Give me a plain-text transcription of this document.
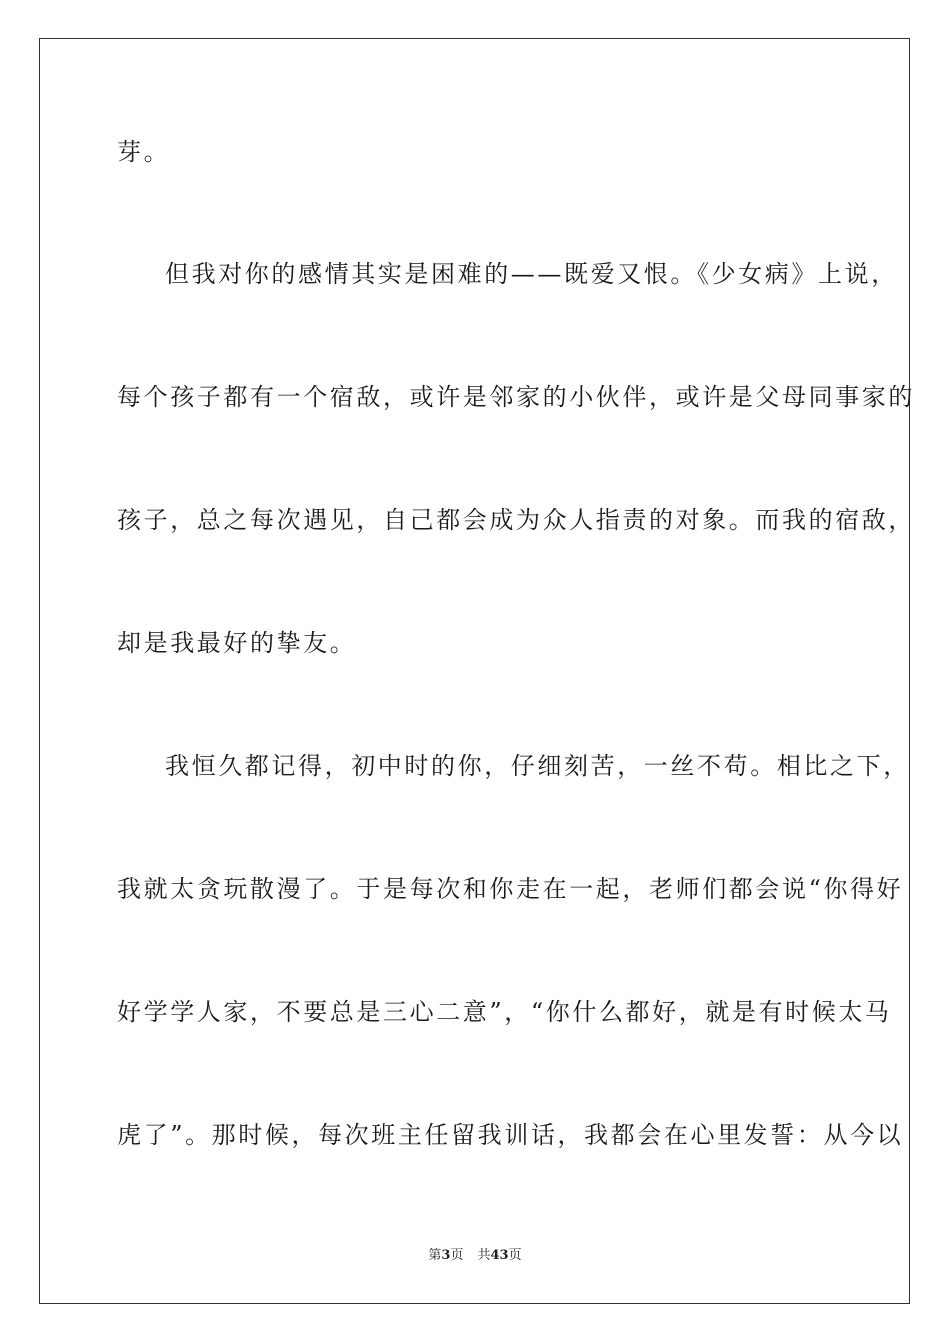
芽。
但我对你的感情其实是困难的——既爱又恨。《少女病》上说，
每个孩子都有一个宿敌，或许是邻家的小伙伴，或许是父母同事家的
孩子，总之每次遇见，自己都会成为众人指责的对象。而我的宿敌，
却是我最好的挚友。
我恒久都记得，初中时的你，仔细刻苦，一丝不苟。相比之下，
我就太贪玩散漫了。于是每次和你走在一起，老师们都会说“你得好
好学学人家，不要总是三心二意”，“你什么都好，就是有时候太马
虎了”。那时候，每次班主任留我训话，我都会在心里发誓：从今以
第3页 共43页
